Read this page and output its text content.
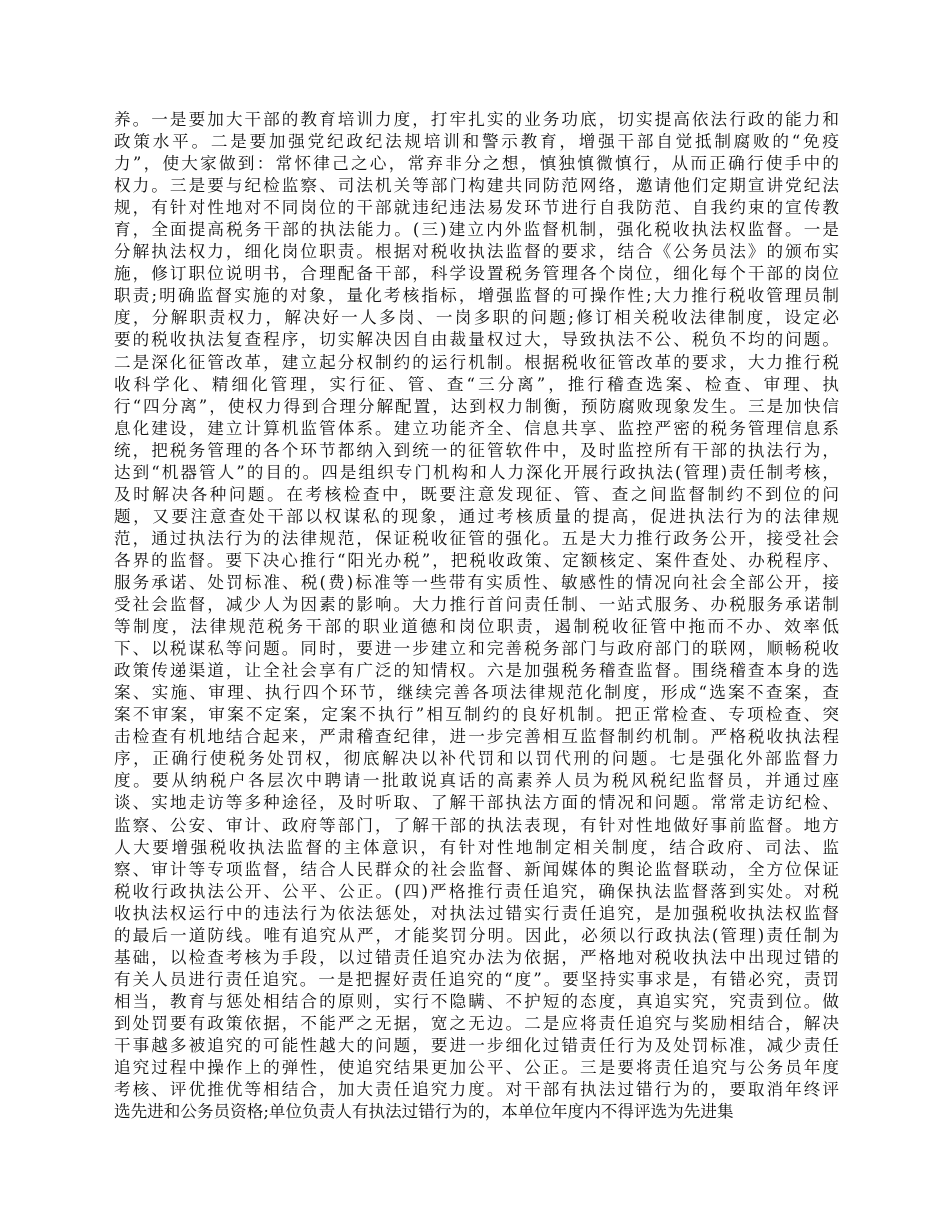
养。一是要加大干部的教育培训力度，打牢扎实的业务功底，切实提高依法行政的能力和
政策水平。二是要加强党纪政纪法规培训和警示教育，增强干部自觉抵制腐败的“免疫
力”，使大家做到：常怀律己之心，常弃非分之想，慎独慎微慎行，从而正确行使手中的
权力。三是要与纪检监察、司法机关等部门构建共同防范网络，邀请他们定期宣讲党纪法
规，有针对性地对不同岗位的干部就违纪违法易发环节进行自我防范、自我约束的宣传教
育，全面提高税务干部的执法能力。(三)建立内外监督机制，强化税收执法权监督。一是
分解执法权力，细化岗位职责。根据对税收执法监督的要求，结合《公务员法》的颁布实
施，修订职位说明书，合理配备干部，科学设置税务管理各个岗位，细化每个干部的岗位
职责;明确监督实施的对象，量化考核指标，增强监督的可操作性;大力推行税收管理员制
度，分解职责权力，解决好一人多岗、一岗多职的问题;修订相关税收法律制度，设定必
要的税收执法复查程序，切实解决因自由裁量权过大，导致执法不公、税负不均的问题。
二是深化征管改革，建立起分权制约的运行机制。根据税收征管改革的要求，大力推行税
收科学化、精细化管理，实行征、管、查“三分离”，推行稽查选案、检查、审理、执
行“四分离”，使权力得到合理分解配置，达到权力制衡，预防腐败现象发生。三是加快信
息化建设，建立计算机监管体系。建立功能齐全、信息共享、监控严密的税务管理信息系
统，把税务管理的各个环节都纳入到统一的征管软件中，及时监控所有干部的执法行为，
达到“机器管人”的目的。四是组织专门机构和人力深化开展行政执法(管理)责任制考核，
及时解决各种问题。在考核检查中，既要注意发现征、管、查之间监督制约不到位的问
题，又要注意查处干部以权谋私的现象，通过考核质量的提高，促进执法行为的法律规
范，通过执法行为的法律规范，保证税收征管的强化。五是大力推行政务公开，接受社会
各界的监督。要下决心推行“阳光办税”，把税收政策、定额核定、案件查处、办税程序、
服务承诺、处罚标准、税(费)标准等一些带有实质性、敏感性的情况向社会全部公开，接
受社会监督，减少人为因素的影响。大力推行首问责任制、一站式服务、办税服务承诺制
等制度，法律规范税务干部的职业道德和岗位职责，遏制税收征管中拖而不办、效率低
下、以税谋私等问题。同时，要进一步建立和完善税务部门与政府部门的联网，顺畅税收
政策传递渠道，让全社会享有广泛的知情权。六是加强税务稽查监督。围绕稽查本身的选
案、实施、审理、执行四个环节，继续完善各项法律规范化制度，形成“选案不查案，查
案不审案，审案不定案，定案不执行”相互制约的良好机制。把正常检查、专项检查、突
击检查有机地结合起来，严肃稽查纪律，进一步完善相互监督制约机制。严格税收执法程
序，正确行使税务处罚权，彻底解决以补代罚和以罚代刑的问题。七是强化外部监督力
度。要从纳税户各层次中聘请一批敢说真话的高素养人员为税风税纪监督员，并通过座
谈、实地走访等多种途径，及时听取、了解干部执法方面的情况和问题。常常走访纪检、
监察、公安、审计、政府等部门，了解干部的执法表现，有针对性地做好事前监督。地方
人大要增强税收执法监督的主体意识，有针对性地制定相关制度，结合政府、司法、监
察、审计等专项监督，结合人民群众的社会监督、新闻媒体的舆论监督联动，全方位保证
税收行政执法公开、公平、公正。(四)严格推行责任追究，确保执法监督落到实处。对税
收执法权运行中的违法行为依法惩处，对执法过错实行责任追究，是加强税收执法权监督
的最后一道防线。唯有追究从严，才能奖罚分明。因此，必须以行政执法(管理)责任制为
基础，以检查考核为手段，以过错责任追究办法为依据，严格地对税收执法中出现过错的
有关人员进行责任追究。一是把握好责任追究的“度”。要坚持实事求是，有错必究，责罚
相当，教育与惩处相结合的原则，实行不隐瞒、不护短的态度，真追实究，究责到位。做
到处罚要有政策依据，不能严之无据，宽之无边。二是应将责任追究与奖励相结合，解决
干事越多被追究的可能性越大的问题，要进一步细化过错责任行为及处罚标准，减少责任
追究过程中操作上的弹性，使追究结果更加公平、公正。三是要将责任追究与公务员年度
考核、评优推优等相结合，加大责任追究力度。对干部有执法过错行为的，要取消年终评
选先进和公务员资格;单位负责人有执法过错行为的，本单位年度内不得评选为先进集
